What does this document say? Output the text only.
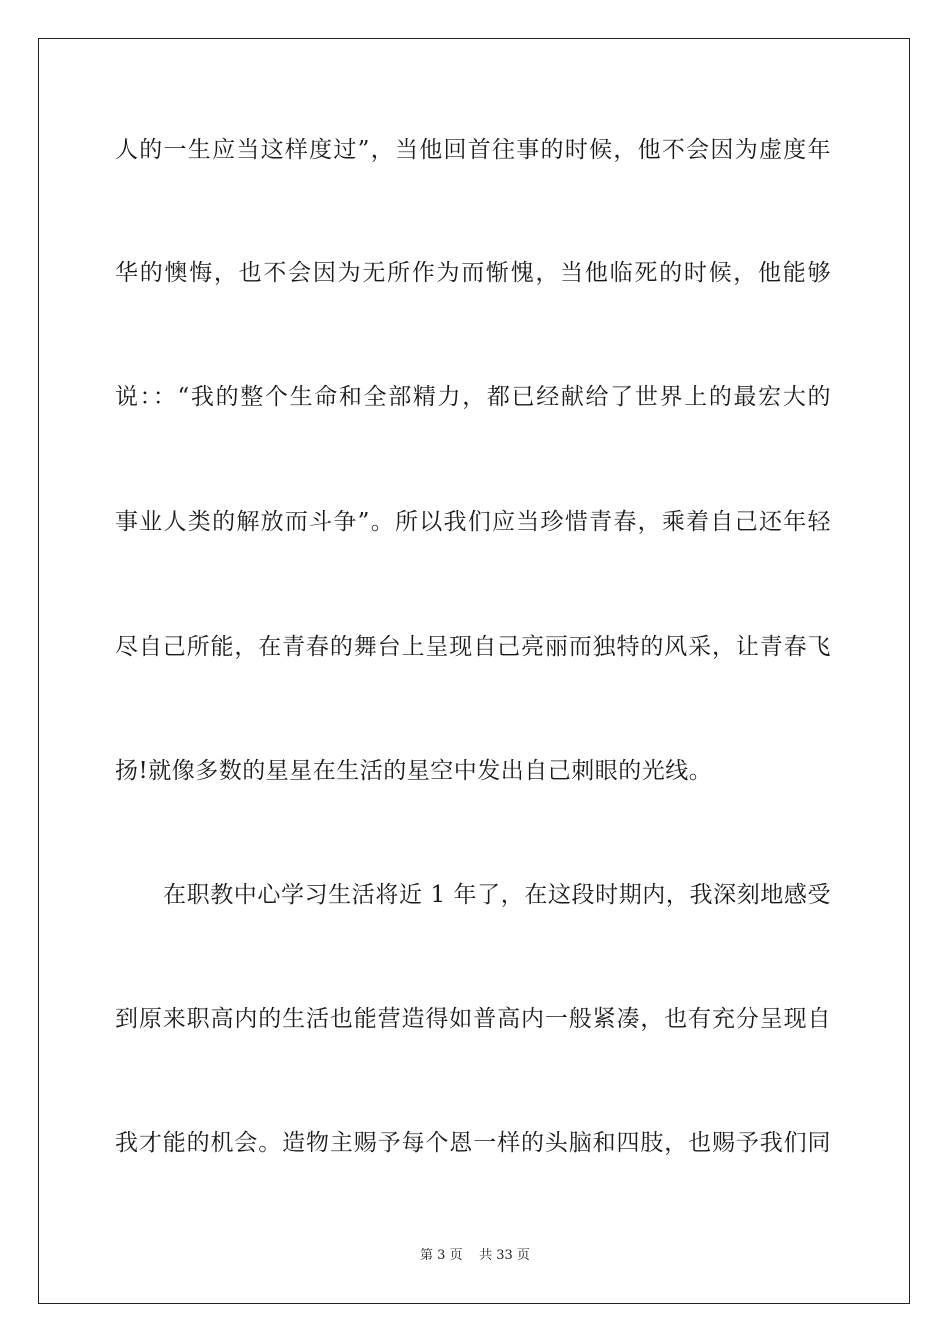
人的一生应当这样度过”，当他回首往事的时候，他不会因为虚度年
华的懊悔，也不会因为无所作为而惭愧，当他临死的时候，他能够
说：：“我的整个生命和全部精力，都已经献给了世界上的最宏大的
事业人类的解放而斗争”。所以我们应当珍惜青春，乘着自己还年轻
尽自己所能，在青春的舞台上呈现自己亮丽而独特的风采，让青春飞
扬!就像多数的星星在生活的星空中发出自己刺眼的光线。
在职教中心学习生活将近 1 年了，在这段时期内，我深刻地感受
到原来职高内的生活也能营造得如普高内一般紧凑，也有充分呈现自
我才能的机会。造物主赐予每个恩一样的头脑和四肢，也赐予我们同
第 3 页 共 33 页
